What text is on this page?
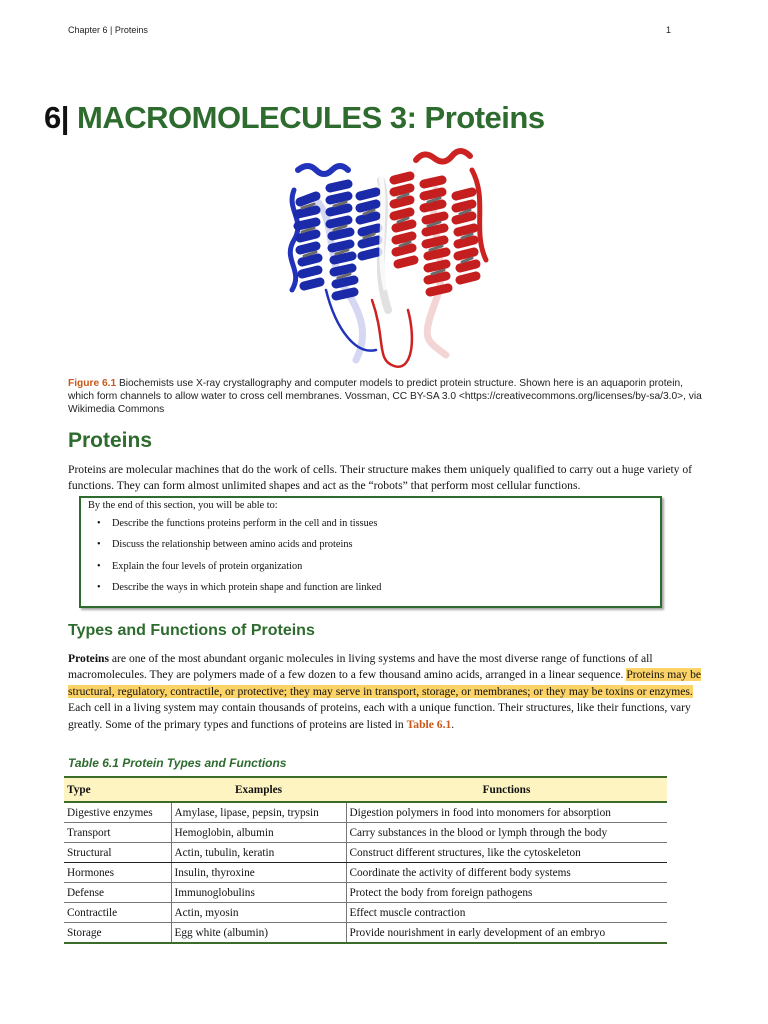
Chapter 6 | Proteins	1
6| MACROMOLECULES 3: Proteins
Figure 6.1 Biochemists use X-ray crystallography and computer models to predict protein structure. Shown here is an aquaporin protein, which form channels to allow water to cross cell membranes. Vossman, CC BY-SA 3.0 <https://creativecommons.org/licenses/by-sa/3.0>, via Wikimedia Commons
Proteins
Proteins are molecular machines that do the work of cells. Their structure makes them uniquely qualified to carry out a huge variety of functions. They can form almost unlimited shapes and act as the “robots” that perform most cellular functions.
By the end of this section, you will be able to:
• Describe the functions proteins perform in the cell and in tissues
• Discuss the relationship between amino acids and proteins
• Explain the four levels of protein organization
• Describe the ways in which protein shape and function are linked
Types and Functions of Proteins
Proteins are one of the most abundant organic molecules in living systems and have the most diverse range of functions of all macromolecules. They are polymers made of a few dozen to a few thousand amino acids, arranged in a linear sequence. Proteins may be structural, regulatory, contractile, or protective; they may serve in transport, storage, or membranes; or they may be toxins or enzymes. Each cell in a living system may contain thousands of proteins, each with a unique function. Their structures, like their functions, vary greatly. Some of the primary types and functions of proteins are listed in Table 6.1.
Table 6.1 Protein Types and Functions
Type	Examples	Functions
Digestive enzymes	Amylase, lipase, pepsin, trypsin	Digestion polymers in food into monomers for absorption
Transport	Hemoglobin, albumin	Carry substances in the blood or lymph through the body
Structural	Actin, tubulin, keratin	Construct different structures, like the cytoskeleton
Hormones	Insulin, thyroxine	Coordinate the activity of different body systems
Defense	Immunoglobulins	Protect the body from foreign pathogens
Contractile	Actin, myosin	Effect muscle contraction
Storage	Egg white (albumin)	Provide nourishment in early development of an embryo
